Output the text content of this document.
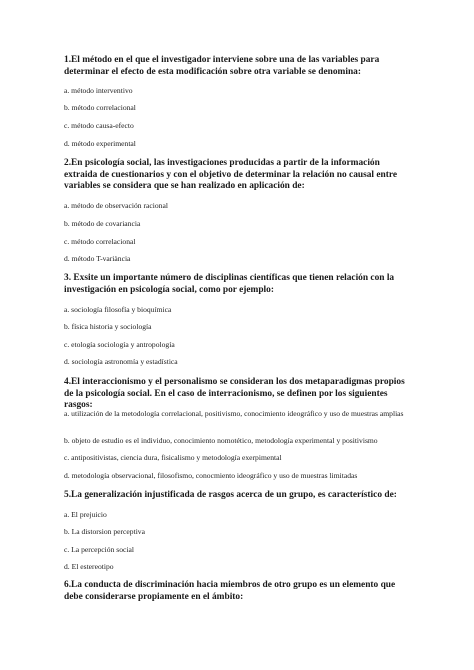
1.El método en el que el investigador interviene sobre una de las variables para determinar el efecto de esta modificación sobre otra variable se denomina:
a. método interventivo
b. método correlacional
c. método causa-efecto
d. método experimental
2.En psicología social, las investigaciones producidas a partir de la información extraida de cuestionarios y con el objetivo de determinar la relación no causal entre variables se considera que se han realizado en aplicación de:
a. método de observación racional
b. método de covariancia
c. método correlacional
d. método T-variància
3. Exsite un importante número de disciplinas científicas que tienen relación con la investigación en psicología social, como por ejemplo:
a. sociología filosofía y bioquímica
b. física historia y sociología
c. etología sociología y antropología
d. sociología astronomía y estadística
4.El interaccionismo y el personalismo se consideran los dos metaparadigmas propios de la psicología social. En el caso de interracionismo, se definen por los siguientes rasgos:
a. utilización de la metodología correlacional, positivismo, conocimiento ideográfico y uso de muestras amplias
b. objeto de estudio es el individuo, conocimiento nomotético, metodología experimental y positivismo
c. antipositivistas, ciencia dura, fisicalismo y metodología exerpimental
d. metodología observacional, filosofismo, conocmiento ideográfico y uso de muestras limitadas
5.La generalización injustificada de rasgos acerca de un grupo, es característico de:
a. El prejuicio
b. La distorsion perceptiva
c. La percepción social
d. El estereotipo
6.La conducta de discriminación hacia miembros de otro grupo es un elemento que debe considerarse propiamente en el ámbito:
